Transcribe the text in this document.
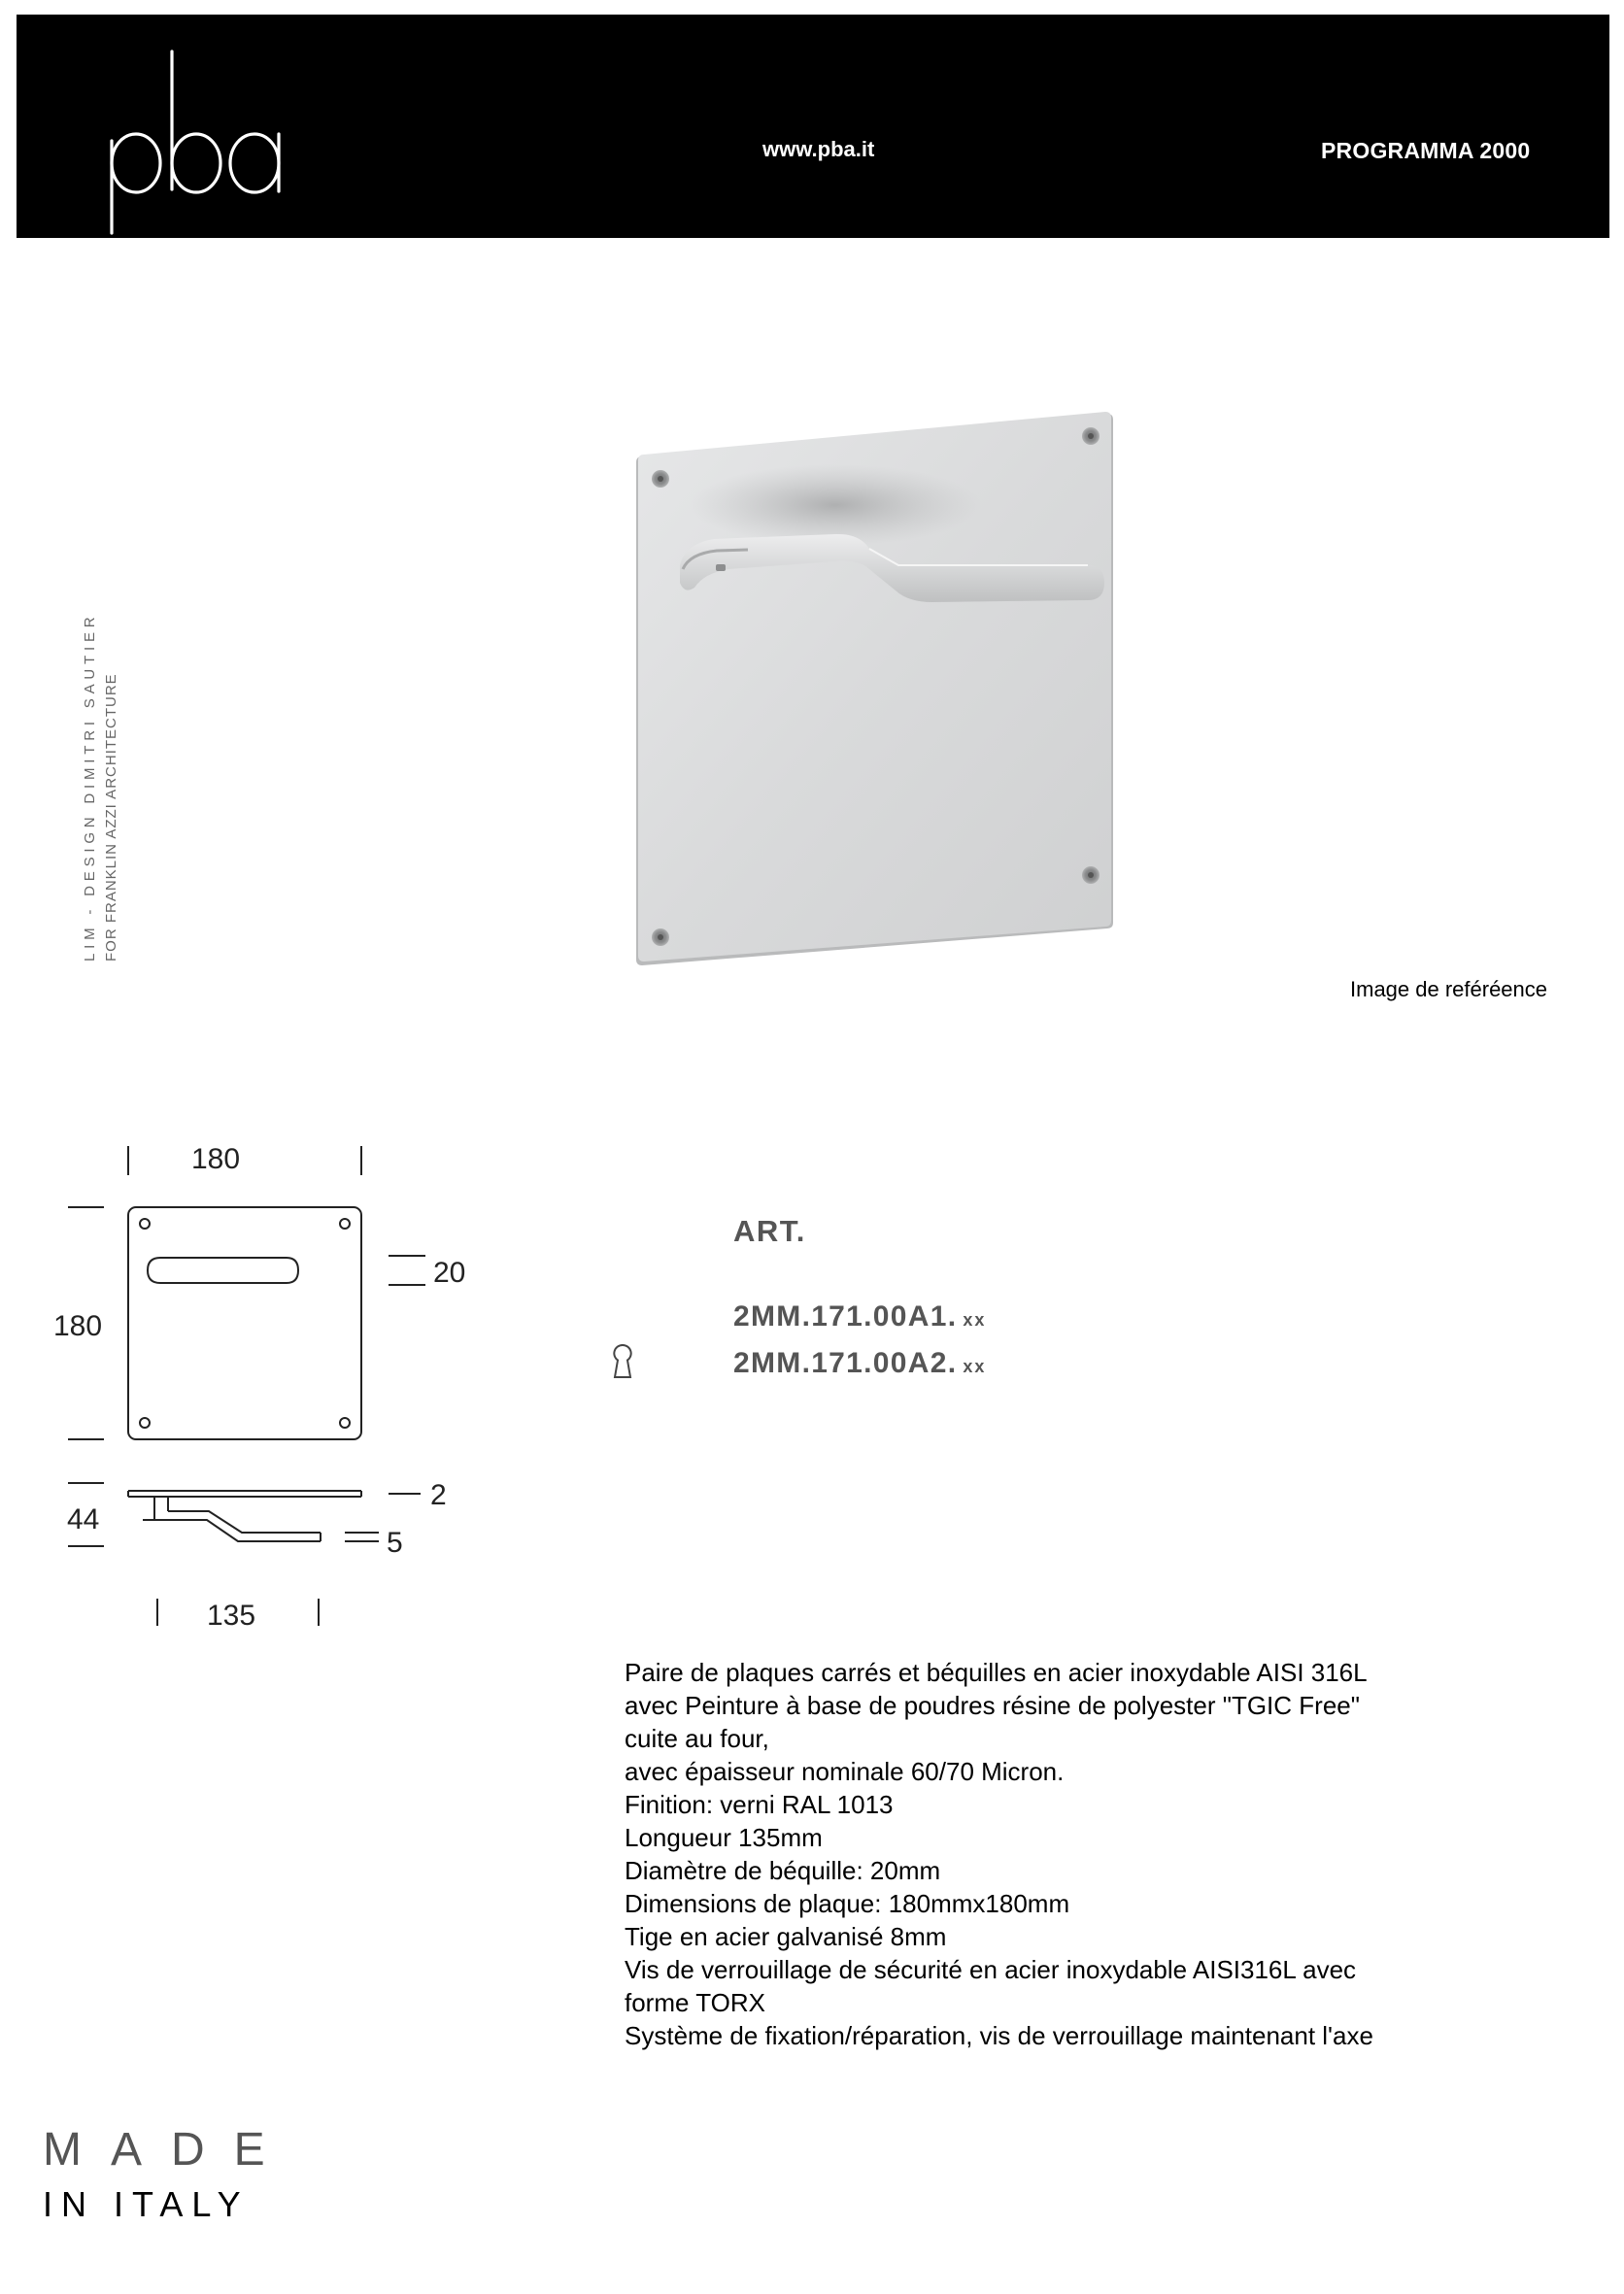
www.pba.it	PROGRAMMA 2000
LIM - DESIGN DIMITRI SAUTIER FOR FRANKLIN AZZI ARCHITECTURE
Image de reféréence
180
180
20
2
44
5
135
ART.
2MM.171.00A1. xx
2MM.171.00A2. xx
Paire de plaques carrés et béquilles en acier inoxydable AISI 316L
avec Peinture à base de poudres résine de polyester "TGIC Free"
cuite au four,
avec épaisseur nominale 60/70 Micron.
Finition: verni RAL 1013
Longueur 135mm
Diamètre de béquille: 20mm
Dimensions de plaque: 180mmx180mm
Tige en acier galvanisé 8mm
Vis de verrouillage de sécurité en acier inoxydable AISI316L avec
forme TORX
Système de fixation/réparation, vis de verrouillage maintenant l'axe
MADE
IN ITALY
